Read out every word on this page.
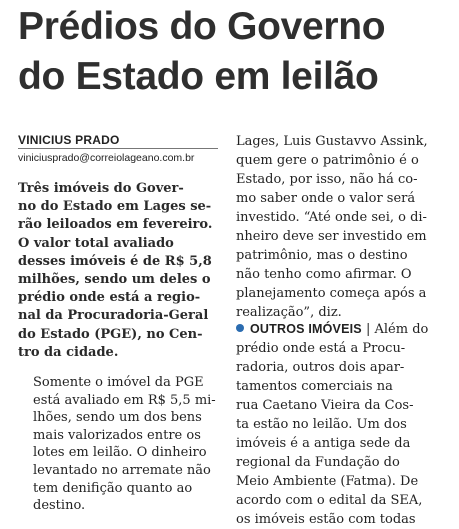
Prédios do Governo
do Estado em leilão
VINICIUS PRADO
viniciusprado@correiolageano.com.br
Três imóveis do Gover-
no do Estado em Lages se-
rão leiloados em fevereiro.
O valor total avaliado
desses imóveis é de R$ 5,8
milhões, sendo um deles o
prédio onde está a regio-
nal da Procuradoria-Geral
do Estado (PGE), no Cen-
tro da cidade.
Somente o imóvel da PGE
está avaliado em R$ 5,5 mi-
lhões, sendo um dos bens
mais valorizados entre os
lotes em leilão. O dinheiro
levantado no arremate não
tem denifição quanto ao
destino.
Lages, Luis Gustavvo Assink,
quem gere o patrimônio é o
Estado, por isso, não há co-
mo saber onde o valor será
investido. “Até onde sei, o di-
nheiro deve ser investido em
patrimônio, mas o destino
não tenho como afirmar. O
planejamento começa após a
realização”, diz.
OUTROS IMÓVEIS | Além do
prédio onde está a Procu-
radoria, outros dois apar-
tamentos comerciais na
rua Caetano Vieira da Cos-
ta estão no leilão. Um dos
imóveis é a antiga sede da
regional da Fundação do
Meio Ambiente (Fatma). De
acordo com o edital da SEA,
os imóveis estão com todas
